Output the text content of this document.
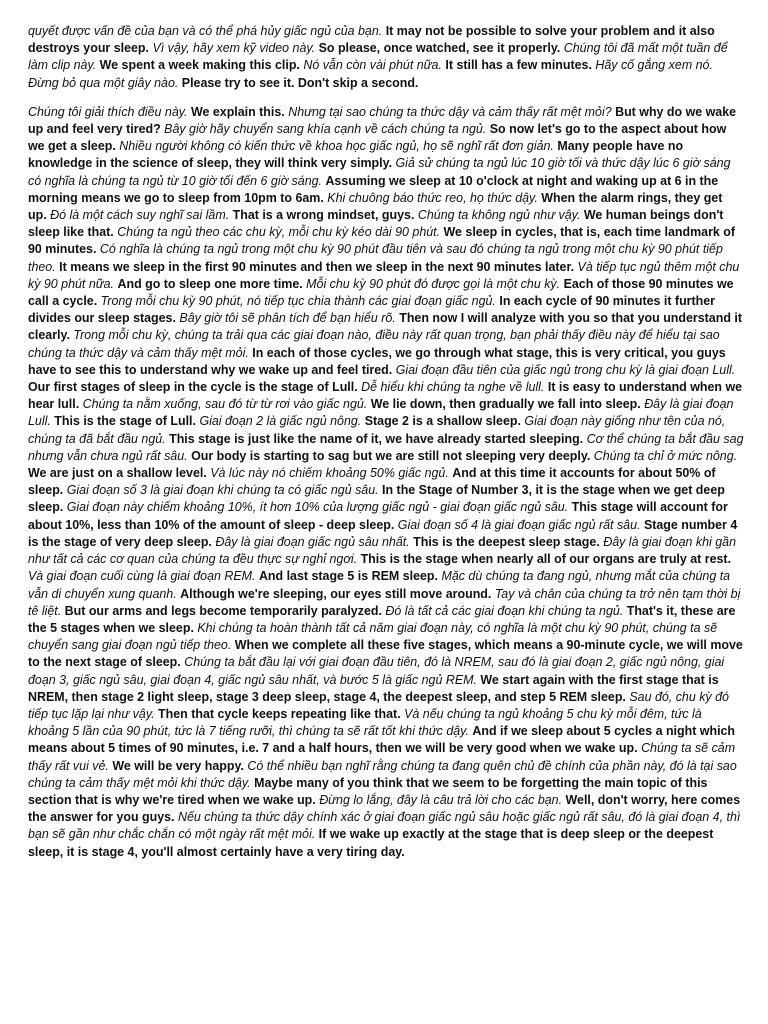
quyết được vấn đề của bạn và có thể phá hủy giấc ngủ của bạn. It may not be possible to solve your problem and it also destroys your sleep. Vì vậy, hãy xem kỹ video này. So please, once watched, see it properly. Chúng tôi đã mất một tuần để làm clip này. We spent a week making this clip. Nó vẫn còn vài phút nữa. It still has a few minutes. Hãy cố gắng xem nó. Đừng bỏ qua một giây nào. Please try to see it. Don't skip a second.

Chúng tôi giải thích điều này. We explain this. Nhưng tại sao chúng ta thức dậy và cảm thấy rất mệt mỏi? But why do we wake up and feel very tired? Bây giờ hãy chuyển sang khía cạnh về cách chúng ta ngủ. So now let's go to the aspect about how we get a sleep. Nhiều người không có kiến thức về khoa học giấc ngủ, họ sẽ nghĩ rất đơn giản. Many people have no knowledge in the science of sleep, they will think very simply. Giả sử chúng ta ngủ lúc 10 giờ tối và thức dậy lúc 6 giờ sáng có nghĩa là chúng ta ngủ từ 10 giờ tối đến 6 giờ sáng. Assuming we sleep at 10 o'clock at night and waking up at 6 in the morning means we go to sleep from 10pm to 6am. Khi chuông báo thức reo, họ thức dậy. When the alarm rings, they get up. Đó là một cách suy nghĩ sai lầm. That is a wrong mindset, guys. Chúng ta không ngủ như vậy. We human beings don't sleep like that. Chúng ta ngủ theo các chu kỳ, mỗi chu kỳ kéo dài 90 phút. We sleep in cycles, that is, each time landmark of 90 minutes. Có nghĩa là chúng ta ngủ trong một chu kỳ 90 phút đầu tiên và sau đó chúng ta ngủ trong một chu kỳ 90 phút tiếp theo. It means we sleep in the first 90 minutes and then we sleep in the next 90 minutes later. Và tiếp tục ngủ thêm một chu kỳ 90 phút nữa. And go to sleep one more time. Mỗi chu kỳ 90 phút đó được gọi là một chu kỳ. Each of those 90 minutes we call a cycle. Trong mỗi chu kỳ 90 phút, nó tiếp tục chia thành các giai đoạn giấc ngủ. In each cycle of 90 minutes it further divides our sleep stages. Bây giờ tôi sẽ phân tích để bạn hiểu rõ. Then now I will analyze with you so that you understand it clearly. Trong mỗi chu kỳ, chúng ta trải qua các giai đoạn nào, điều này rất quan trọng, bạn phải thấy điều này để hiểu tại sao chúng ta thức dậy và cảm thấy mệt mỏi. In each of those cycles, we go through what stage, this is very critical, you guys have to see this to understand why we wake up and feel tired. Giai đoạn đầu tiên của giấc ngủ trong chu kỳ là giai đoạn Lull. Our first stages of sleep in the cycle is the stage of Lull. Dễ hiểu khi chúng ta nghe về lull. It is easy to understand when we hear lull. Chúng ta nằm xuống, sau đó từ từ rơi vào giấc ngủ. We lie down, then gradually we fall into sleep. Đây là giai đoạn Lull. This is the stage of Lull. Giai đoạn 2 là giấc ngủ nông. Stage 2 is a shallow sleep. Giai đoạn này giống như tên của nó, chúng ta đã bắt đầu ngủ. This stage is just like the name of it, we have already started sleeping. Cơ thể chúng ta bắt đầu sag nhưng vẫn chưa ngủ rất sâu. Our body is starting to sag but we are still not sleeping very deeply. Chúng ta chỉ ở mức nông. We are just on a shallow level. Và lúc này nó chiếm khoảng 50% giấc ngủ. And at this time it accounts for about 50% of sleep. Giai đoạn số 3 là giai đoạn khi chúng ta có giấc ngủ sâu. In the Stage of Number 3, it is the stage when we get deep sleep. Giai đoạn này chiếm khoảng 10%, ít hơn 10% của lượng giấc ngủ - giai đoạn giấc ngủ sâu. This stage will account for about 10%, less than 10% of the amount of sleep - deep sleep. Giai đoạn số 4 là giai đoạn giấc ngủ rất sâu. Stage number 4 is the stage of very deep sleep. Đây là giai đoạn giấc ngủ sâu nhất. This is the deepest sleep stage. Đây là giai đoạn khi gần như tất cả các cơ quan của chúng ta đều thực sự nghỉ ngơi. This is the stage when nearly all of our organs are truly at rest. Và giai đoạn cuối cùng là giai đoạn REM. And last stage 5 is REM sleep. Mặc dù chúng ta đang ngủ, nhưng mắt của chúng ta vẫn di chuyển xung quanh. Although we're sleeping, our eyes still move around. Tay và chân của chúng ta trở nên tạm thời bị tê liệt. But our arms and legs become temporarily paralyzed. Đó là tất cả các giai đoạn khi chúng ta ngủ. That's it, these are the 5 stages when we sleep. Khi chúng ta hoàn thành tất cả năm giai đoạn này, có nghĩa là một chu kỳ 90 phút, chúng ta sẽ chuyển sang giai đoạn ngủ tiếp theo. When we complete all these five stages, which means a 90-minute cycle, we will move to the next stage of sleep. Chúng ta bắt đầu lại với giai đoạn đầu tiên, đó là NREM, sau đó là giai đoạn 2, giấc ngủ nông, giai đoạn 3, giấc ngủ sâu, giai đoạn 4, giấc ngủ sâu nhất, và bước 5 là giấc ngủ REM. We start again with the first stage that is NREM, then stage 2 light sleep, stage 3 deep sleep, stage 4, the deepest sleep, and step 5 REM sleep. Sau đó, chu kỳ đó tiếp tục lặp lại như vậy. Then that cycle keeps repeating like that. Và nếu chúng ta ngủ khoảng 5 chu kỳ mỗi đêm, tức là khoảng 5 lần của 90 phút, tức là 7 tiếng rưỡi, thì chúng ta sẽ rất tốt khi thức dậy. And if we sleep about 5 cycles a night which means about 5 times of 90 minutes, i.e. 7 and a half hours, then we will be very good when we wake up. Chúng ta sẽ cảm thấy rất vui vẻ. We will be very happy. Có thể nhiều bạn nghĩ rằng chúng ta đang quên chủ đề chính của phần này, đó là tại sao chúng ta cảm thấy mệt mỏi khi thức dậy. Maybe many of you think that we seem to be forgetting the main topic of this section that is why we're tired when we wake up. Đừng lo lắng, đây là câu trả lời cho các bạn. Well, don't worry, here comes the answer for you guys. Nếu chúng ta thức dậy chính xác ở giai đoạn giấc ngủ sâu hoặc giấc ngủ rất sâu, đó là giai đoạn 4, thì bạn sẽ gần như chắc chắn có một ngày rất mệt mỏi. If we wake up exactly at the stage that is deep sleep or the deepest sleep, it is stage 4, you'll almost certainly have a very tiring day.
